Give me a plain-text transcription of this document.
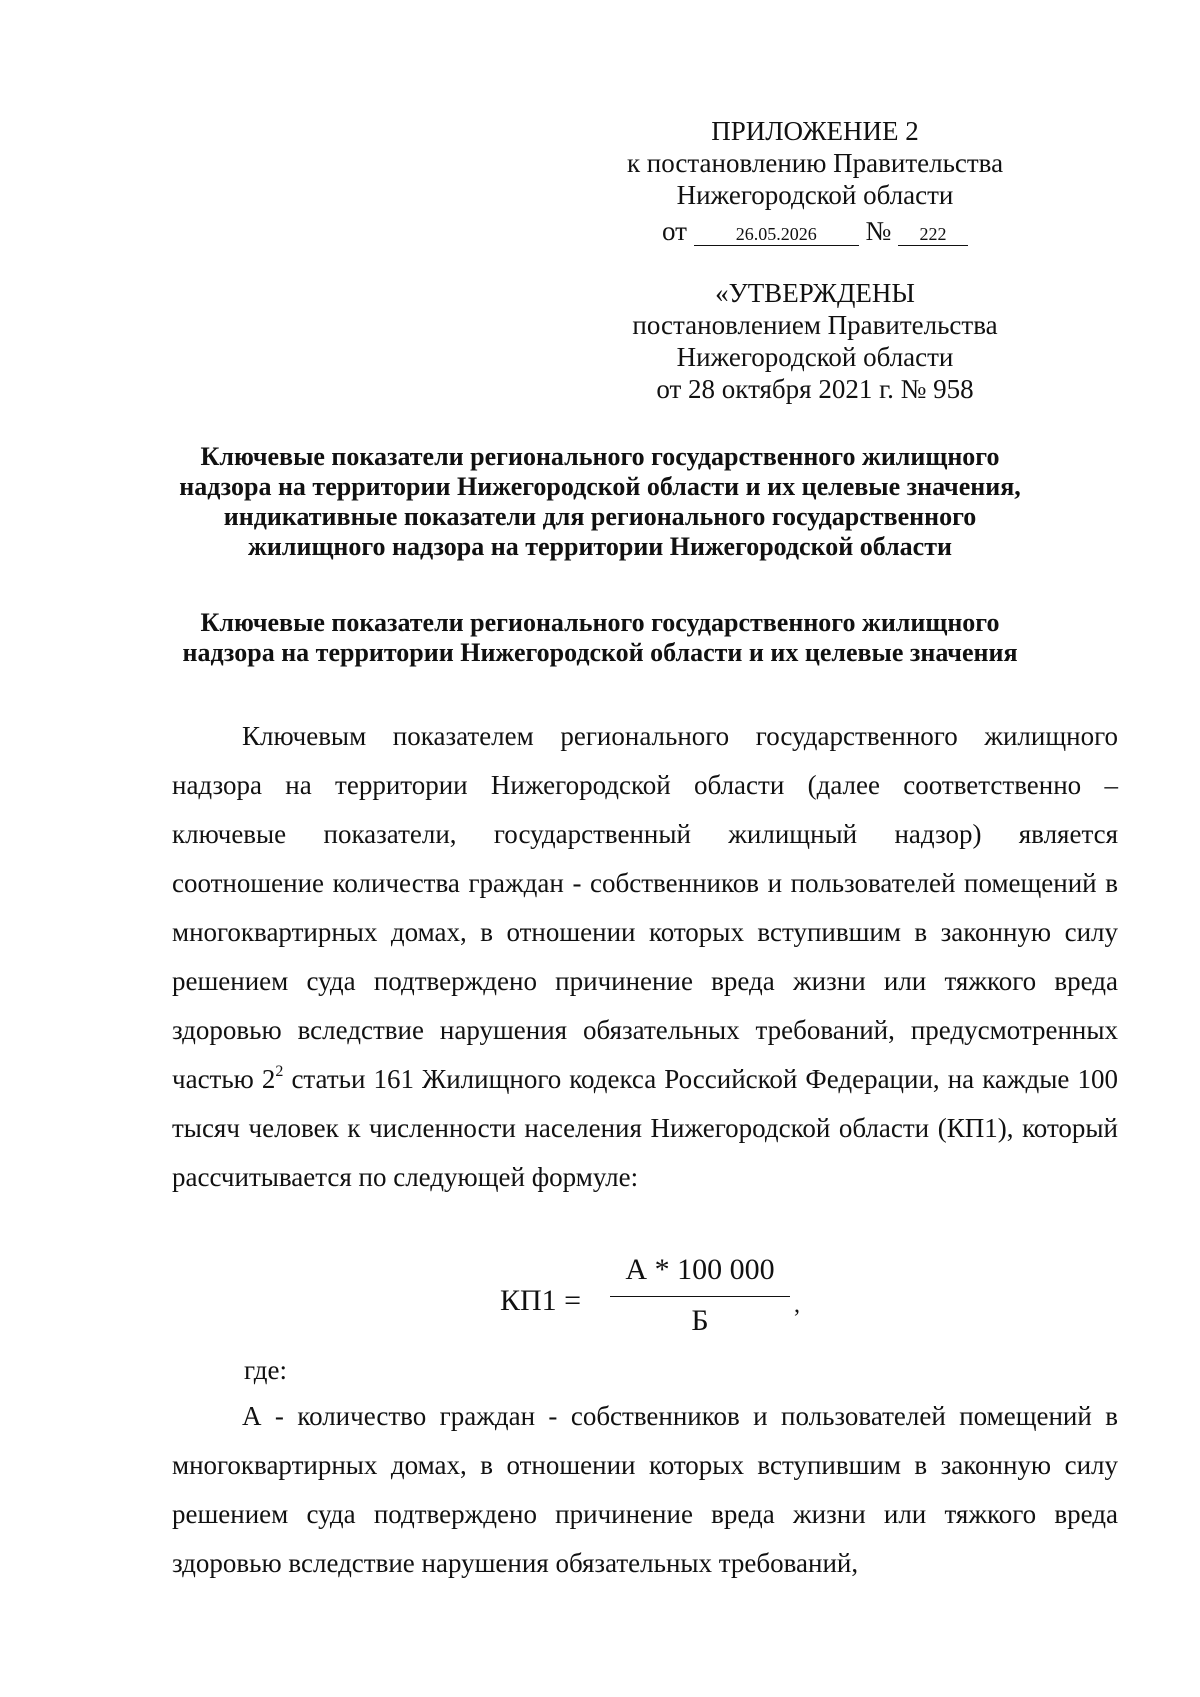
ПРИЛОЖЕНИЕ 2
к постановлению Правительства
Нижегородской области
от	26.05.2026 № 222
«УТВЕРЖДЕНЫ
постановлением Правительства
Нижегородской области
от 28 октября 2021 г. № 958
Ключевые показатели регионального государственного жилищного
надзора на территории Нижегородской области и их целевые значения,
индикативные показатели для регионального государственного
жилищного надзора на территории Нижегородской области
Ключевые показатели регионального государственного жилищного
надзора на территории Нижегородской области и их целевые значения

Ключевым показателем регионального государственного жилищного надзора на территории Нижегородской области (далее соответственно – ключевые показатели, государственный жилищный надзор) является соотношение количества граждан - собственников и пользователей помещений в многоквартирных домах, в отношении которых вступившим в законную силу решением суда подтверждено причинение вреда жизни или тяжкого вреда здоровью вследствие нарушения обязательных требований, предусмотренных частью $2^2$ статьи 161 Жилищного кодекса Российской Федерации, на каждые 100 тысяч человек к численности населения Нижегородской области (КП1), который рассчитывается по следующей формуле:

КП1 =
А * 100 000
Б	,
где:

А - количество граждан - собственников и пользователей помещений в многоквартирных домах, в отношении которых вступившим в законную силу решением суда подтверждено причинение вреда жизни или тяжкого вреда здоровью вследствие нарушения обязательных требований,
